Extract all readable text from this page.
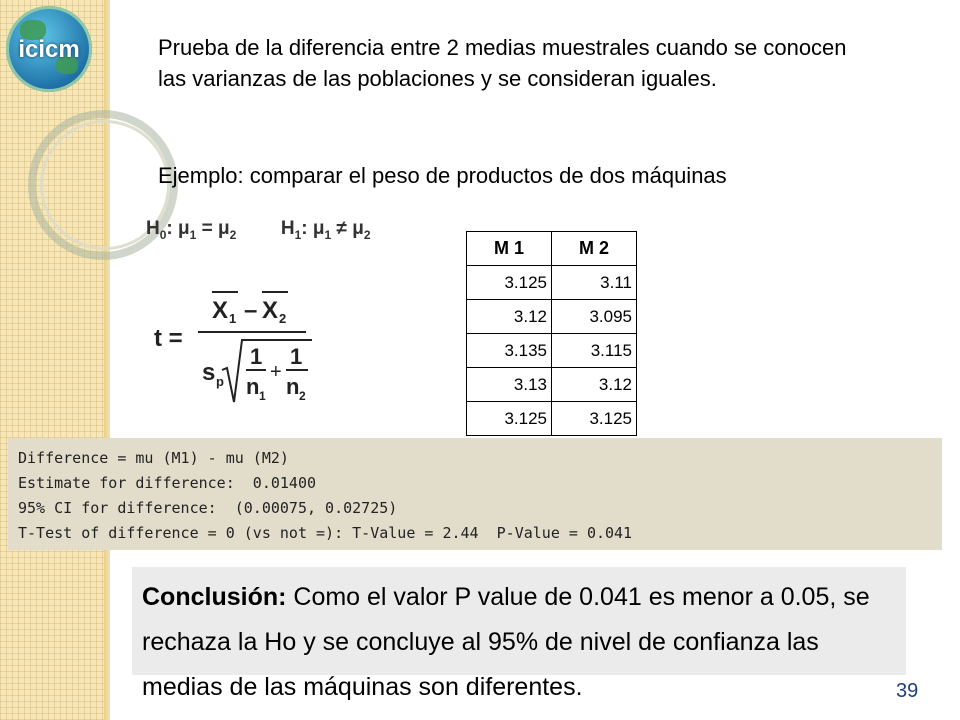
icicm	Prueba de la diferencia entre 2 medias muestrales cuando se conocen las varianzas de las poblaciones y se consideran iguales.
Ejemplo: comparar el peso de productos de dos máquinas
$H_0$: $\mu_1 = \mu_2$ $H_1$: $\mu_1 \ne \mu_2$
t =
X 1 – X 2
s p
1
n 1
+
1
n 2
M 1	M 2
3.125	3.11
3.12	3.095
3.135	3.115
3.13	3.12
3.125	3.125
Difference = mu (M1) - mu (M2)
Estimate for difference:  0.01400
95% CI for difference:  (0.00075, 0.02725)
T-Test of difference = 0 (vs not =): T-Value = 2.44  P-Value = 0.041
Conclusión: Como el valor P value de 0.041 es menor a 0.05, se rechaza la Ho y se concluye al 95% de nivel de confianza las medias de las máquinas son diferentes.	39
